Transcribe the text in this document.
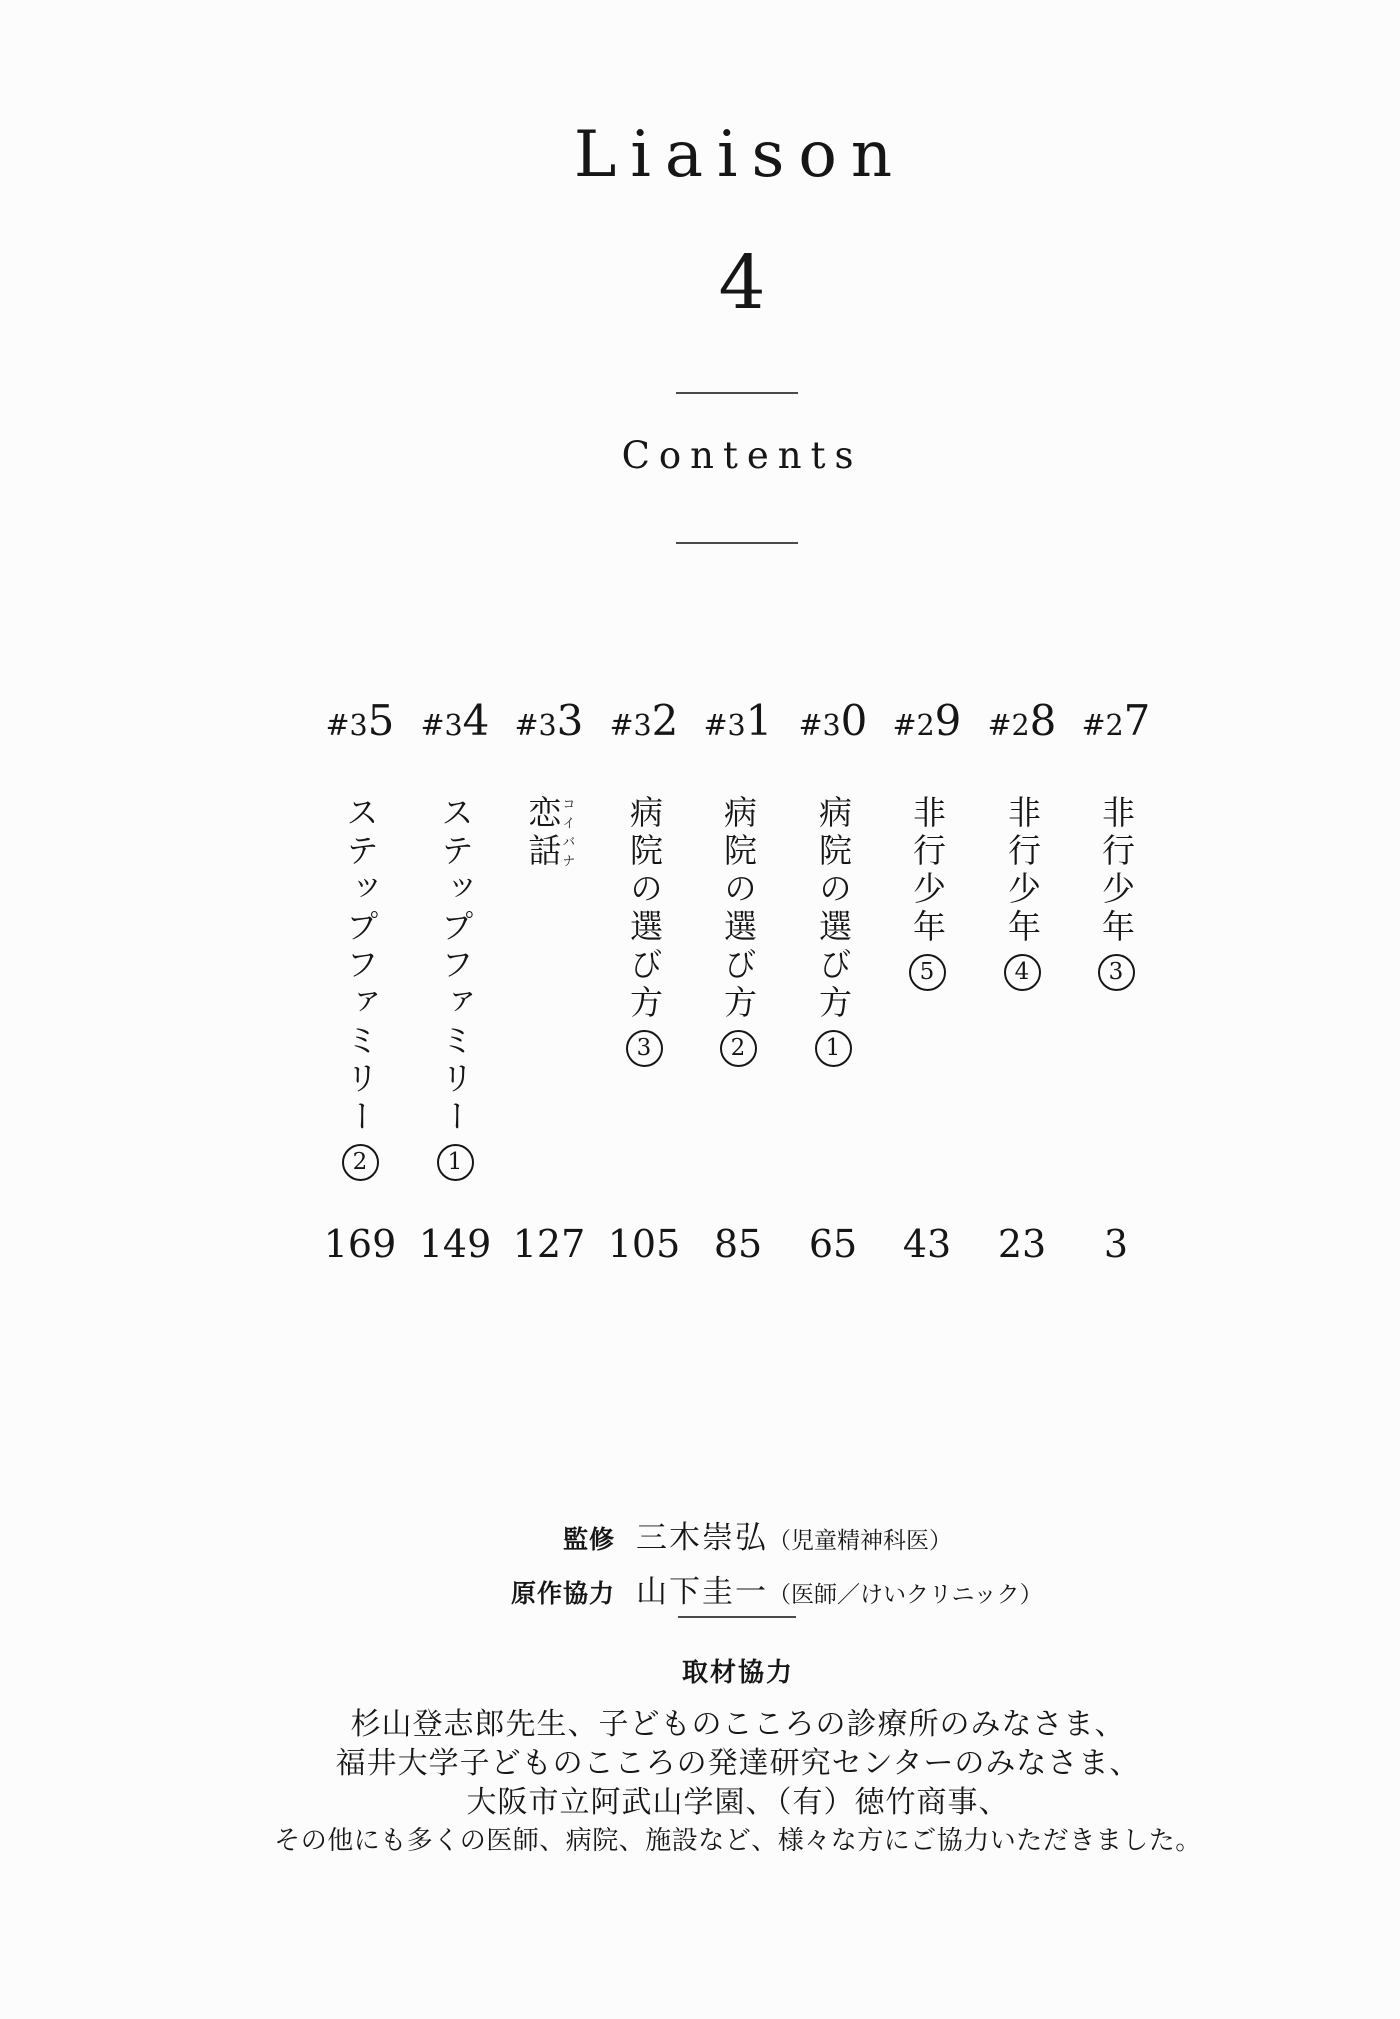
Liaison
4
Contents
#35
ステップファミリー2
169
#34
ステップファミリー1
149
#33
恋コイ話バナ
127
#32
病院の選び方3
105
#31
病院の選び方2
85
#30
病院の選び方1
65
#29
非行少年5
43
#28
非行少年4
23
#27
非行少年3
3
監修 三木崇弘 （児童精神科医）
原作協力 山下圭一 （医師／けいクリニック）
取材協力
杉山登志郎先生、子どものこころの診療所のみなさま、
福井大学子どものこころの発達研究センターのみなさま、
大阪市立阿武山学園、（有）徳竹商事、
その他にも多くの医師、病院、施設など、様々な方にご協力いただきました。
